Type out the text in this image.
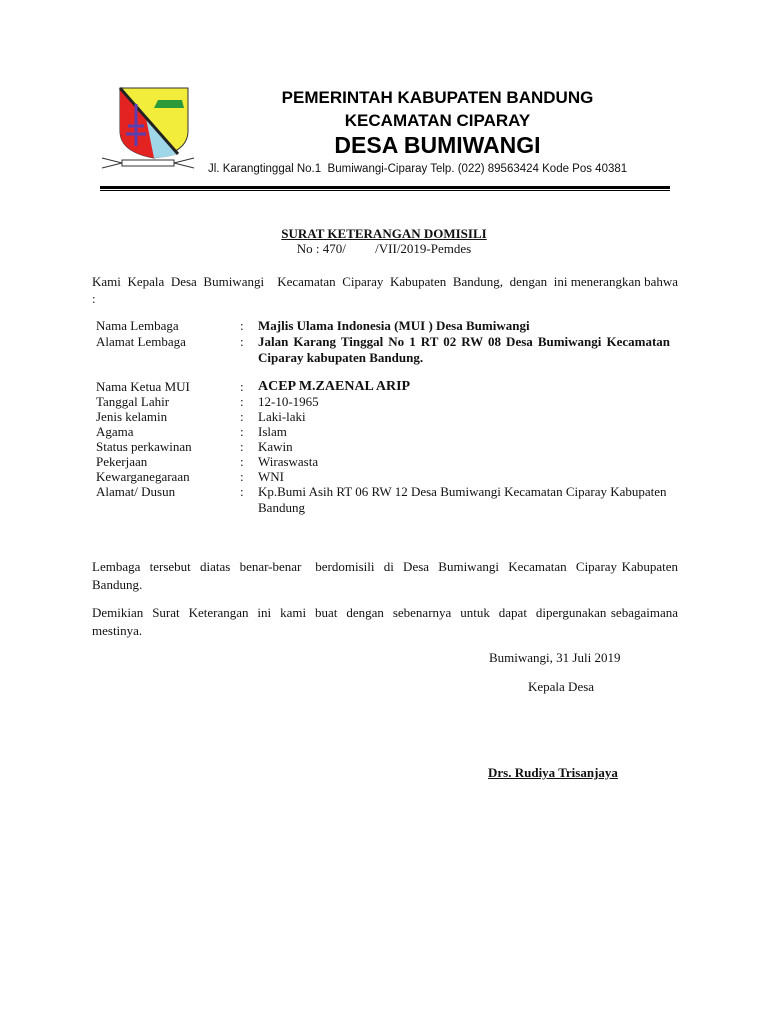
PEMERINTAH KABUPATEN BANDUNG
KECAMATAN CIPARAY
DESA BUMIWANGI
Jl. Karangtinggal No.1  Bumiwangi-Ciparay Telp. (022) 89563424 Kode Pos 40381
SURAT KETERANGAN DOMISILI
No : 470/         /VII/2019-Pemdes
Kami  Kepala  Desa  Bumiwangi    Kecamatan  Ciparay  Kabupaten  Bandung,  dengan  ini menerangkan bahwa :
Nama Lembaga	: Majlis Ulama Indonesia (MUI ) Desa Bumiwangi
Alamat Lembaga	: Jalan Karang Tinggal No 1 RT 02 RW 08 Desa Bumiwangi Kecamatan Ciparay kabupaten Bandung.
Nama Ketua MUI	: ACEP M.ZAENAL ARIP
Tanggal Lahir	: 12-10-1965
Jenis kelamin	: Laki-laki
Agama	: Islam
Status perkawinan	: Kawin
Pekerjaan	: Wiraswasta
Kewarganegaraan	: WNI
Alamat/ Dusun	: Kp.Bumi Asih RT 06 RW 12 Desa Bumiwangi Kecamatan Ciparay Kabupaten Bandung
Lembaga  tersebut  diatas  benar-benar   berdomisili  di  Desa  Bumiwangi  Kecamatan  Ciparay Kabupaten Bandung.
Demikian  Surat  Keterangan  ini  kami  buat  dengan  sebenarnya  untuk  dapat  dipergunakan sebagaimana mestinya.
Bumiwangi, 31 Juli 2019
Kepala Desa
Drs. Rudiya Trisanjaya
